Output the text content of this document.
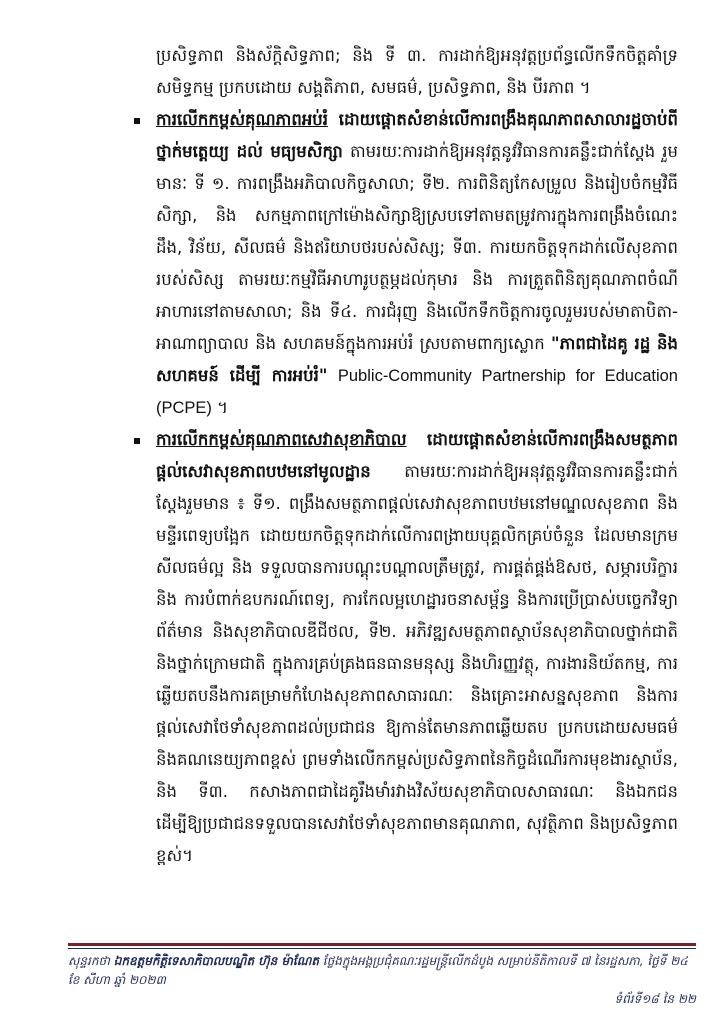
ប្រសិទ្ធភាព និងស័ក្តិសិទ្ធភាព; និង ទី ៣. ការដាក់ឱ្យអនុវត្តប្រព័ន្ធលើកទឹកចិត្តគាំទ្រសមិទ្ធកម្ម ប្រកបដោយ សង្គតិភាព, សមធម៌, ប្រសិទ្ធភាព, និង បីរភាព ។

ការលើកកម្ពស់គុណភាពអប់រំ ដោយផ្តោតសំខាន់លើការពង្រឹងគុណភាពសាលារដ្ឋចាប់ពីថ្នាក់មត្តេយ្យ ដល់ មធ្យមសិក្សា តាមរយៈការដាក់ឱ្យអនុវត្តនូវវិធានការគន្លឹះជាក់ស្តែង រួមមានៈ ទី ១. ការពង្រឹងអភិបាលកិច្ចសាលា; ទី២. ការពិនិត្យកែសម្រួល និងរៀបចំកម្មវិធីសិក្សា, និង សកម្មភាពក្រៅម៉ោងសិក្សាឱ្យស្របទៅតាមតម្រូវការក្នុងការពង្រឹងចំណេះដឹង, វិន័យ, សីលធម៌ និងឥរិយាបថរបស់សិស្ស; ទី៣. ការយកចិត្តទុកដាក់លើសុខភាពរបស់សិស្ស តាមរយៈកម្មវិធីអាហារូបត្ថម្ភដល់កុមារ និង ការត្រួតពិនិត្យគុណភាពចំណីអាហារនៅតាមសាលា; និង ទី៤. ការជំរុញ និងលើកទឹកចិត្តការចូលរួមរបស់មាតាបិតា-អាណាព្យាបាល និង សហគមន៍ក្នុងការអប់រំ ស្របតាមពាក្យស្លោក "ភាពជាដៃគូ រដ្ឋ និង សហគមន៍ ដើម្បី ការអប់រំ" Public-Community Partnership for Education (PCPE) ។

ការលើកកម្ពស់គុណភាពសេវាសុខាភិបាល ដោយផ្តោតសំខាន់លើការពង្រឹងសមត្ថភាពផ្តល់សេវាសុខភាពបឋមនៅមូលដ្ឋាន តាមរយៈការដាក់ឱ្យអនុវត្តនូវវិធានការគន្លឹះជាក់ស្តែងរួមមាន ៖ ទី១. ពង្រឹងសមត្ថភាពផ្តល់សេវាសុខភាពបឋមនៅមណ្ឌលសុខភាព និងមន្ទីរពេទ្យបង្អែក ដោយយកចិត្តទុកដាក់លើការពង្រាយបុគ្គលិកគ្រប់ចំនួន ដែលមានក្រមសីលធម៌ល្អ និង ទទួលបានការបណ្តុះបណ្តាលត្រឹមត្រូវ, ការផ្គត់ផ្គង់ឱសថ, សម្ភារបរិក្ខារ និង ការបំពាក់ឧបករណ៍ពេទ្យ, ការកែលម្អហេដ្ឋារចនាសម្ព័ន្ធ និងការប្រើប្រាស់បច្ចេកវិទ្យាព័ត៌មាន និងសុខាភិបាលឌីជីថល, ទី២. អភិវឌ្ឍសមត្ថភាពស្ថាប័នសុខាភិបាលថ្នាក់ជាតិ និងថ្នាក់ក្រោមជាតិ ក្នុងការគ្រប់គ្រងធនធានមនុស្ស និងហិរញ្ញវត្ថុ, ការងារនិយ័តកម្ម, ការឆ្លើយតបនឹងការគម្រាមកំហែងសុខភាពសាធារណៈ និងគ្រោះអាសន្នសុខភាព និងការផ្តល់សេវាថែទាំសុខភាពដល់ប្រជាជន ឱ្យកាន់តែមានភាពឆ្លើយតប ប្រកបដោយសមធម៌ និងគណនេយ្យភាពខ្ពស់ ព្រមទាំងលើកកម្ពស់ប្រសិទ្ធភាពនៃកិច្ចដំណើរការមុខងារស្ថាប័ន, និង ទី៣. កសាងភាពជាដៃគូរឹងមាំរវាងវិស័យសុខាភិបាលសាធារណៈ និងឯកជន ដើម្បីឱ្យប្រជាជនទទួលបានសេវាថែទាំសុខភាពមានគុណភាព, សុវត្ថិភាព និងប្រសិទ្ធភាពខ្ពស់។

សុន្ទរកថា ឯកឧត្តមកិត្តិទេសាភិបាលបណ្ឌិត ហ៊ុន ម៉ាណែត ថ្លែងក្នុងអង្គប្រជុំគណៈរដ្ឋមន្ត្រីលើកដំបូង សម្រាប់នីតិកាលទី ៧ នៃរដ្ឋសភា, ថ្ងៃទី ២៤ ខែ សីហា ឆ្នាំ ២០២៣
ទំព័រទី១៨ នៃ ២២
